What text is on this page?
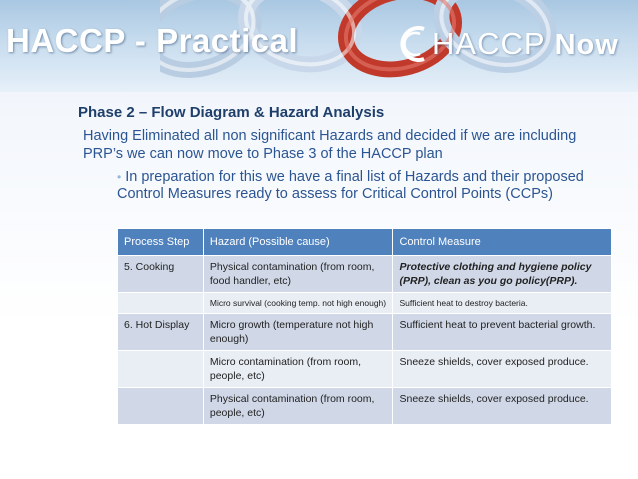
HACCP - Practical	HACCP Now
Phase 2 – Flow Diagram & Hazard Analysis
Having Eliminated all non significant Hazards and decided if we are including PRP’s we can now move to Phase 3 of the HACCP plan
• In preparation for this we have a final list of Hazards and their proposed Control Measures ready to assess for Critical Control Points (CCPs)
Process Step	Hazard (Possible cause)	Control Measure
5. Cooking	Physical contamination (from room, food handler, etc)	Protective clothing and hygiene policy (PRP), clean as you go policy(PRP).
	Micro survival (cooking temp. not high enough)	Sufficient heat to destroy bacteria.
6. Hot Display	Micro growth (temperature not high enough)	Sufficient heat to prevent bacterial growth.
	Micro contamination (from room, people, etc)	Sneeze shields, cover exposed produce.
	Physical contamination (from room, people, etc)	Sneeze shields, cover exposed produce.
